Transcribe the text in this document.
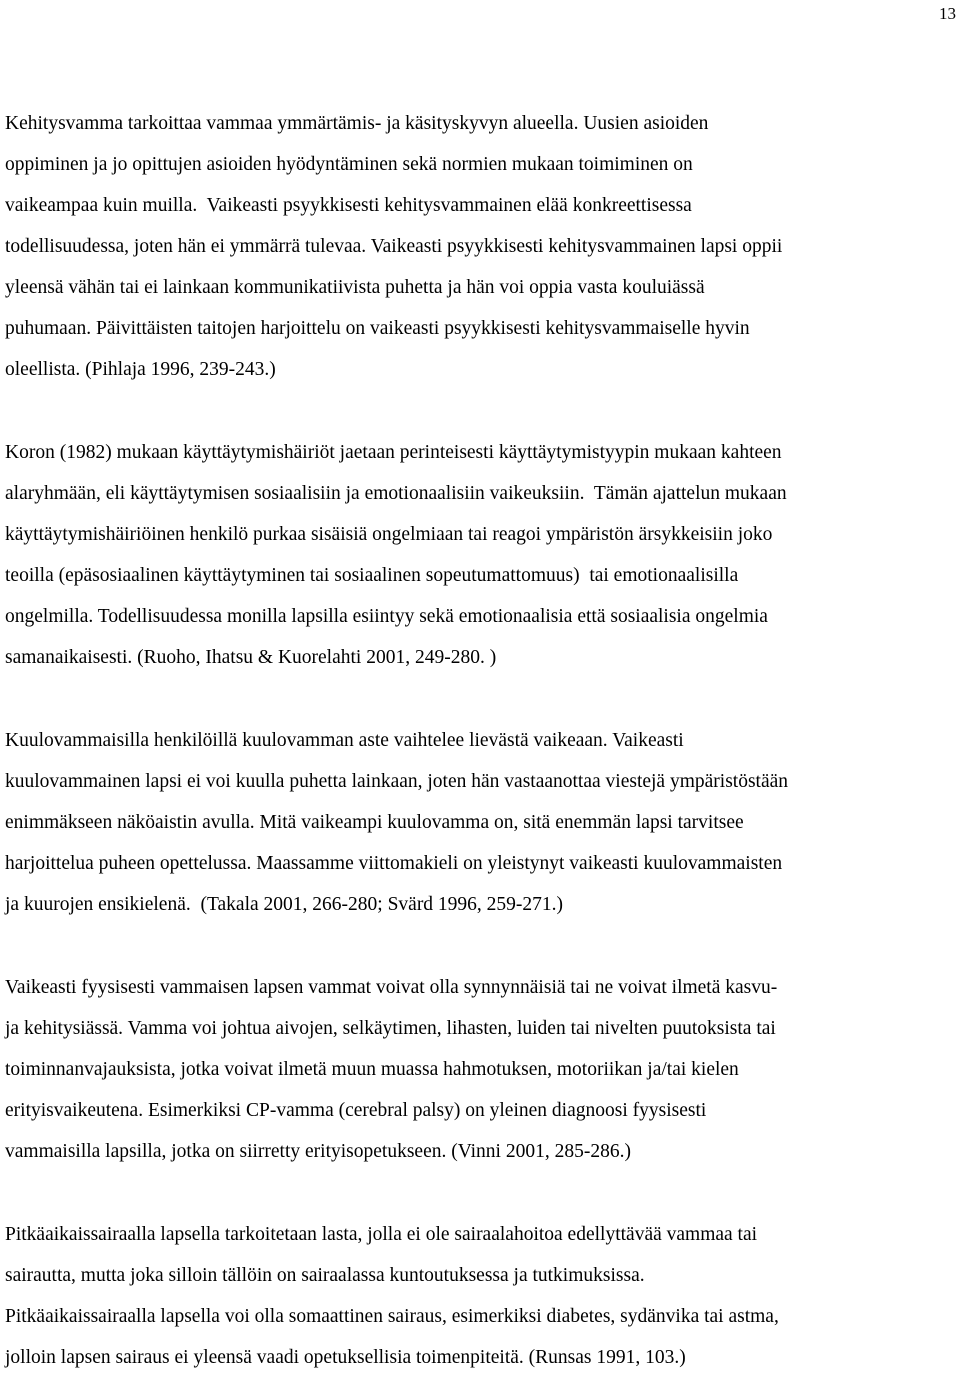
13
Kehitysvamma tarkoittaa vammaa ymmärtämis- ja käsityskyvyn alueella. Uusien asioiden
oppiminen ja jo opittujen asioiden hyödyntäminen sekä normien mukaan toimiminen on
vaikeampaa kuin muilla.  Vaikeasti psyykkisesti kehitysvammainen elää konkreettisessa
todellisuudessa, joten hän ei ymmärrä tulevaa. Vaikeasti psyykkisesti kehitysvammainen lapsi oppii
yleensä vähän tai ei lainkaan kommunikatiivista puhetta ja hän voi oppia vasta kouluiässä
puhumaan. Päivittäisten taitojen harjoittelu on vaikeasti psyykkisesti kehitysvammaiselle hyvin
oleellista. (Pihlaja 1996, 239-243.)
Koron (1982) mukaan käyttäytymishäiriöt jaetaan perinteisesti käyttäytymistyypin mukaan kahteen
alaryhmään, eli käyttäytymisen sosiaalisiin ja emotionaalisiin vaikeuksiin.  Tämän ajattelun mukaan
käyttäytymishäiriöinen henkilö purkaa sisäisiä ongelmiaan tai reagoi ympäristön ärsykkeisiin joko
teoilla (epäsosiaalinen käyttäytyminen tai sosiaalinen sopeutumattomuus)  tai emotionaalisilla
ongelmilla. Todellisuudessa monilla lapsilla esiintyy sekä emotionaalisia että sosiaalisia ongelmia
samanaikaisesti. (Ruoho, Ihatsu & Kuorelahti 2001, 249-280. )
Kuulovammaisilla henkilöillä kuulovamman aste vaihtelee lievästä vaikeaan. Vaikeasti
kuulovammainen lapsi ei voi kuulla puhetta lainkaan, joten hän vastaanottaa viestejä ympäristöstään
enimmäkseen näköaistin avulla. Mitä vaikeampi kuulovamma on, sitä enemmän lapsi tarvitsee
harjoittelua puheen opettelussa. Maassamme viittomakieli on yleistynyt vaikeasti kuulovammaisten
ja kuurojen ensikielenä.  (Takala 2001, 266-280; Svärd 1996, 259-271.)
Vaikeasti fyysisesti vammaisen lapsen vammat voivat olla synnynnäisiä tai ne voivat ilmetä kasvu-
ja kehitysiässä. Vamma voi johtua aivojen, selkäytimen, lihasten, luiden tai nivelten puutoksista tai
toiminnanvajauksista, jotka voivat ilmetä muun muassa hahmotuksen, motoriikan ja/tai kielen
erityisvaikeutena. Esimerkiksi CP-vamma (cerebral palsy) on yleinen diagnoosi fyysisesti
vammaisilla lapsilla, jotka on siirretty erityisopetukseen. (Vinni 2001, 285-286.)
Pitkäaikaissairaalla lapsella tarkoitetaan lasta, jolla ei ole sairaalahoitoa edellyttävää vammaa tai
sairautta, mutta joka silloin tällöin on sairaalassa kuntoutuksessa ja tutkimuksissa.
Pitkäaikaissairaalla lapsella voi olla somaattinen sairaus, esimerkiksi diabetes, sydänvika tai astma,
jolloin lapsen sairaus ei yleensä vaadi opetuksellisia toimenpiteitä. (Runsas 1991, 103.)
